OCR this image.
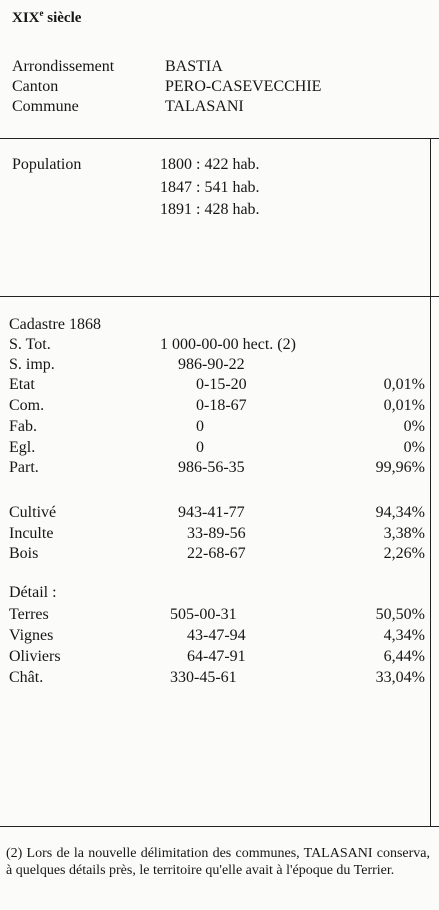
XIXe siècle
Arrondissement	BASTIA
Canton	PERO-CASEVECCHIE
Commune	TALASANI
Population	1800 : 422 hab.
1847 : 541 hab.
1891 : 428 hab.
Cadastre 1868
S. Tot.	1 000-00-00 hect. (2)
S. imp.	986-90-22
Etat	0-15-20	0,01%
Com.	0-18-67	0,01%
Fab.	0	0%
Egl.	0	0%
Part.	986-56-35	99,96%
Cultivé	943-41-77	94,34%
Inculte	33-89-56	3,38%
Bois	22-68-67	2,26%
Détail :
Terres	505-00-31	50,50%
Vignes	43-47-94	4,34%
Oliviers	64-47-91	6,44%
Chât.	330-45-61	33,04%

(2) Lors de la nouvelle délimitation des communes, TALASANI conserva, à quelques détails près, le territoire qu'elle avait à l'époque du Terrier.
